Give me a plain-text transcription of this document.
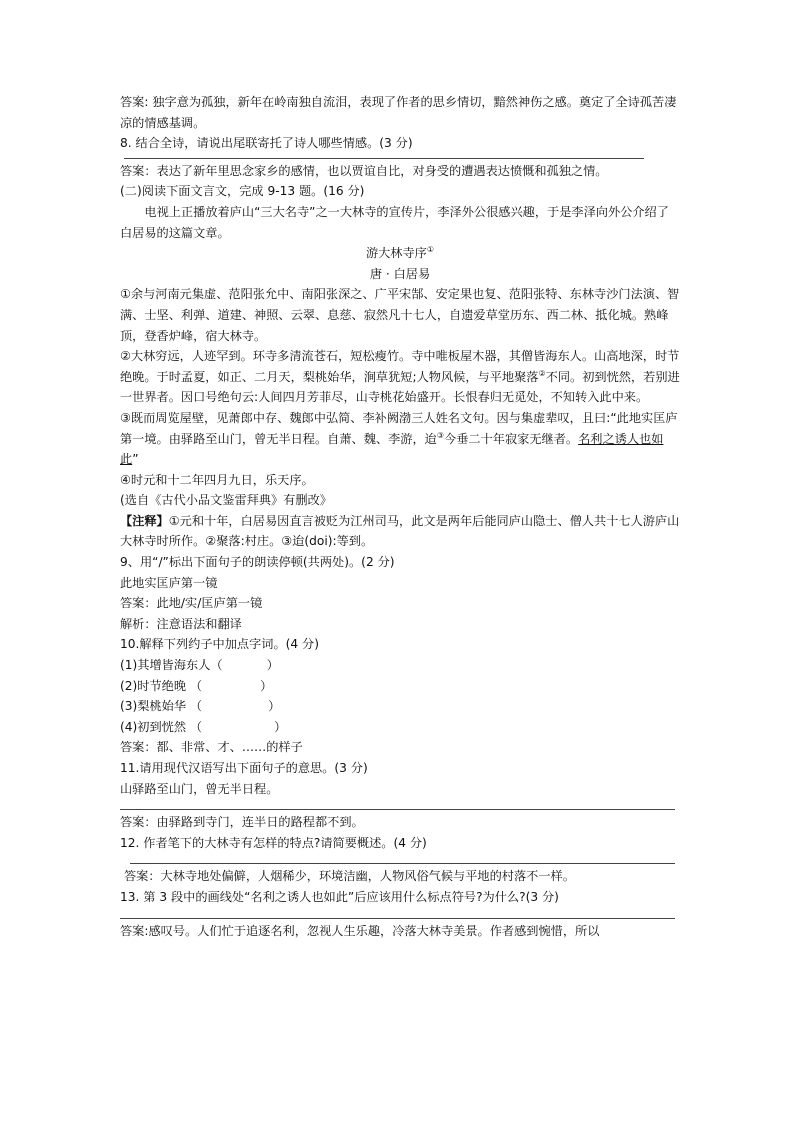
答案: 独字意为孤独，新年在岭南独自流泪，表现了作者的思乡情切，黯然神伤之感。奠定了全诗孤苦凄凉的情感基调。

8. 结合全诗，请说出尾联寄托了诗人哪些情感。(3 分)

答案：表达了新年里思念家乡的感情，也以贾谊自比，对身受的遭遇表达愤慨和孤独之情。

(二)阅读下面文言文，完成 9-13 题。(16 分)

电视上正播放着庐山“三大名寺”之一大林寺的宣传片，李泽外公很感兴趣，于是李泽向外公介绍了白居易的这篇文章。

游大林寺序①

唐 · 白居易

①余与河南元集虚、范阳张允中、南阳张深之、广平宋郜、安定果也复、范阳张特、东林寺沙门法演、智满、士坚、利弹、道建、神照、云翠、息慈、寂然凡十七人，自遗爱草堂历东、西二林、抵化城。熟峰顶，登香炉峰，宿大林寺。

②大林穷远，人迹罕到。环寺多清流苍石，短松瘦竹。寺中唯板屋木器，其僧皆海东人。山高地深，时节绝晚。于时孟夏，如正、二月天，梨桃始华，涧草犹短;人物风候，与平地聚落②不同。初到恍然，若别进一世界者。因口号绝句云:人间四月芳菲尽，山寺桃花始盛开。长恨春归无觅处，不知转入此中来。

③既而周览屋壁，见萧郎中存、魏郎中弘简、李补阙渤三人姓名文句。因与集虚辈叹，且曰:“此地实匡庐第一境。由驿路至山门，曾无半日程。自萧、魏、李游，迨③今垂二十年寂家无继者。名利之诱人也如此”

④时元和十二年四月九日，乐天序。

(选自《古代小品文鉴雷拜典》有删改》

【注释】①元和十年，白居易因直言被贬为江州司马，此文是两年后能同庐山隐士、僧人共十七人游庐山大林寺时所作。②聚落:村庄。③迨(doi):等到。

9、用“/”标出下面句子的朗读停顿(共两处)。(2 分)

此地实匡庐第一镜

答案：此地/实/匡庐第一镜

解析：注意语法和翻译

10.解释下列约子中加点字词。(4 分)

(1)其增皆海东人（	）

(2)时节绝晚 （	）

(3)梨桃始华 （	）

(4)初到恍然 （	）

答案：都、非常、才、……的样子

11.请用现代汉语写出下面句子的意思。(3 分)

山驿路至山门，曾无半日程。

答案：由驿路到寺门，连半日的路程都不到。

12. 作者笔下的大林寺有怎样的特点?请简要概述。(4 分)

答案：大林寺地处偏僻，人烟稀少，环境洁幽，人物风俗气候与平地的村落不一样。

13. 第 3 段中的画线处“名利之诱人也如此”后应该用什么标点符号?为什么?(3 分)

答案:感叹号。人们忙于追逐名利，忽视人生乐趣，冷落大林寺美景。作者感到惋惜，所以
